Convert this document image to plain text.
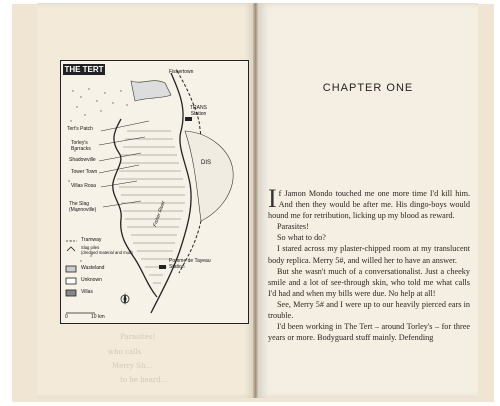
Parasites!
who calls
Merry Sh...
to be heard...
THE TERT	Fishertown
TRANS
Station
Tert's Patch
Torley's
Barracks
Shadowville
Tower Town
Villas Rosa
The Slag
(Mannoville)
DIS
Fisher River
Pomme de Tayeau
Station
Tramway
Slag piles
(dredged material and mud)
Wasteland
Unknown
Villas
0	10 km
CHAPTER ONE

If Jamon Mondo touched me one more time I'd kill him. And then they would be after me. His dingo-boys would hound me for retribution, licking up my blood as reward.

Parasites!

So what to do?

I stared across my plaster-chipped room at my translucent body replica. Merry 5#, and willed her to have an answer.

But she wasn't much of a conversationalist. Just a cheeky smile and a lot of see-through skin, who told me what calls I'd had and when my bills were due. No help at all!

See, Merry 5# and I were up to our heavily pierced ears in trouble.

I'd been working in The Tert – around Torley's – for three years or more. Bodyguard stuff mainly. Defending
